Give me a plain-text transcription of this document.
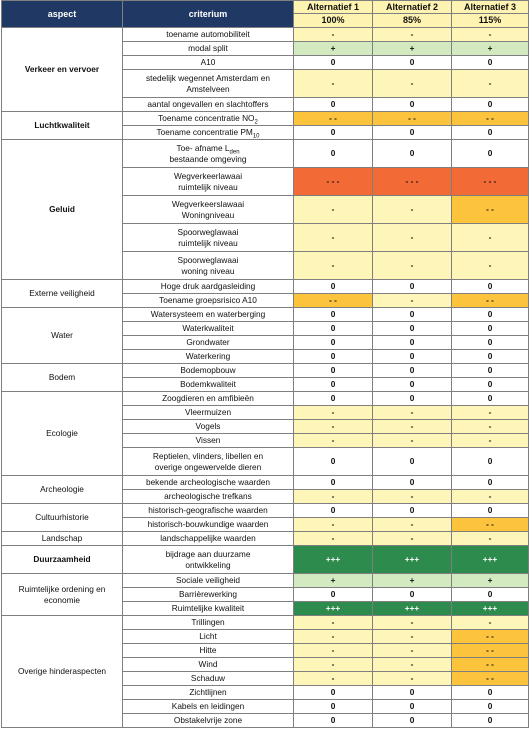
aspect	criterium	Alternatief 1	Alternatief 2	Alternatief 3
		100%	85%	115%
Verkeer en vervoer	toename automobiliteit	-	-	-
	modal split	+	+	+
	A10	0	0	0
	stedelijk wegennet Amsterdam en
Amstelveen	-	-	-
	aantal ongevallen en slachtoffers	0	0	0
Luchtkwaliteit	Toename concentratie $NO_2$	- -	- -	- -
	Toename concentratie $PM_{10}$	0	0	0
Geluid	Toe- afname $L_{den}$
bestaande omgeving	0	0	0
	Wegverkeerlawaai
ruimtelijk niveau	- - -	- - -	- - -
	Wegverkeerslawaai
Woningniveau	-	-	- -
	Spoorweglawaai
ruimtelijk niveau	-	-	-
	Spoorweglawaai
woning niveau	-	-	-
Externe veiligheid	Hoge druk aardgasleiding	0	0	0
	Toename groepsrisico A10	- -	-	- -
Water	Watersysteem en waterberging	0	0	0
	Waterkwaliteit	0	0	0
	Grondwater	0	0	0
	Waterkering	0	0	0
Bodem	Bodemopbouw	0	0	0
	Bodemkwaliteit	0	0	0
Ecologie	Zoogdieren en amfibieën	0	0	0
	Vleermuizen	-	-	-
	Vogels	-	-	-
	Vissen	-	-	-
	Reptielen, vlinders, libellen en
overige ongewervelde dieren	0	0	0
Archeologie	bekende archeologische waarden	0	0	0
	archeologische trefkans	-	-	-
Cultuurhistorie	historisch-geografische waarden	0	0	0
	historisch-bouwkundige waarden	-	-	- -
Landschap	landschappelijke waarden	-	-	-
Duurzaamheid	bijdrage aan duurzame
ontwikkeling	+++	+++	+++
Ruimtelijke ordening en economie	Sociale veiligheid	+	+	+
	Barrièrewerking	0	0	0
	Ruimtelijke kwaliteit	+++	+++	+++
Overige hinderaspecten	Trillingen	-	-	-
	Licht	-	-	- -
	Hitte	-	-	- -
	Wind	-	-	- -
	Schaduw	-	-	- -
	Zichtlijnen	0	0	0
	Kabels en leidingen	0	0	0
	Obstakelvrije zone	0	0	0
